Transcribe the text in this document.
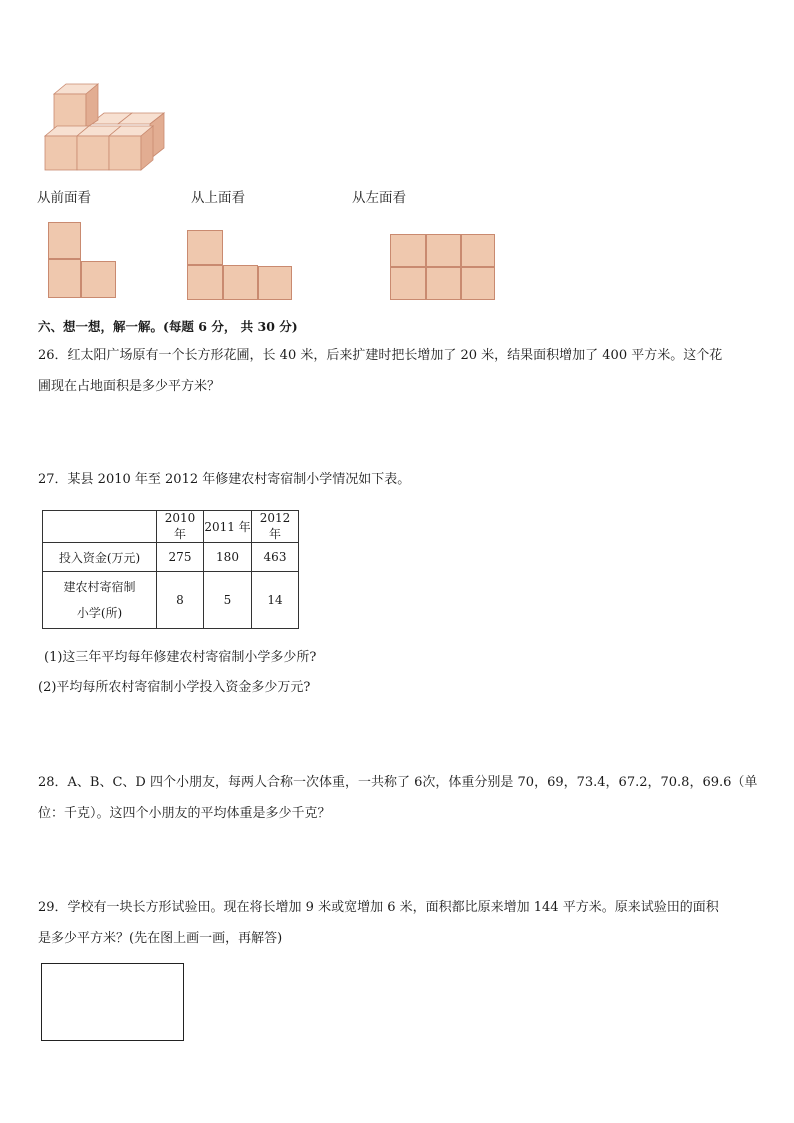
从前面看	从上面看	从左面看
六、想一想，解一解。(每题 6 分， 共 30 分)
26．红太阳广场原有一个长方形花圃，长 40 米，后来扩建时把长增加了 20 米，结果面积增加了 400 平方米。这个花
圃现在占地面积是多少平方米？
27．某县 2010 年至 2012 年修建农村寄宿制小学情况如下表。
	2010 年	2011 年	2012 年
投入资金(万元)	275	180	463

建农村寄宿制
小学(所)	8	5	14
(1)这三年平均每年修建农村寄宿制小学多少所?
(2)平均每所农村寄宿制小学投入资金多少万元?
28．A、B、C、D 四个小朋友，每两人合称一次体重，一共称了 6次，体重分别是 70，69，73.4，67.2，70.8，69.6（单
位：千克）。这四个小朋友的平均体重是多少千克？
29．学校有一块长方形试验田。现在将长增加 9 米或宽增加 6 米，面积都比原来增加 144 平方米。原来试验田的面积
是多少平方米？(先在图上画一画，再解答)
